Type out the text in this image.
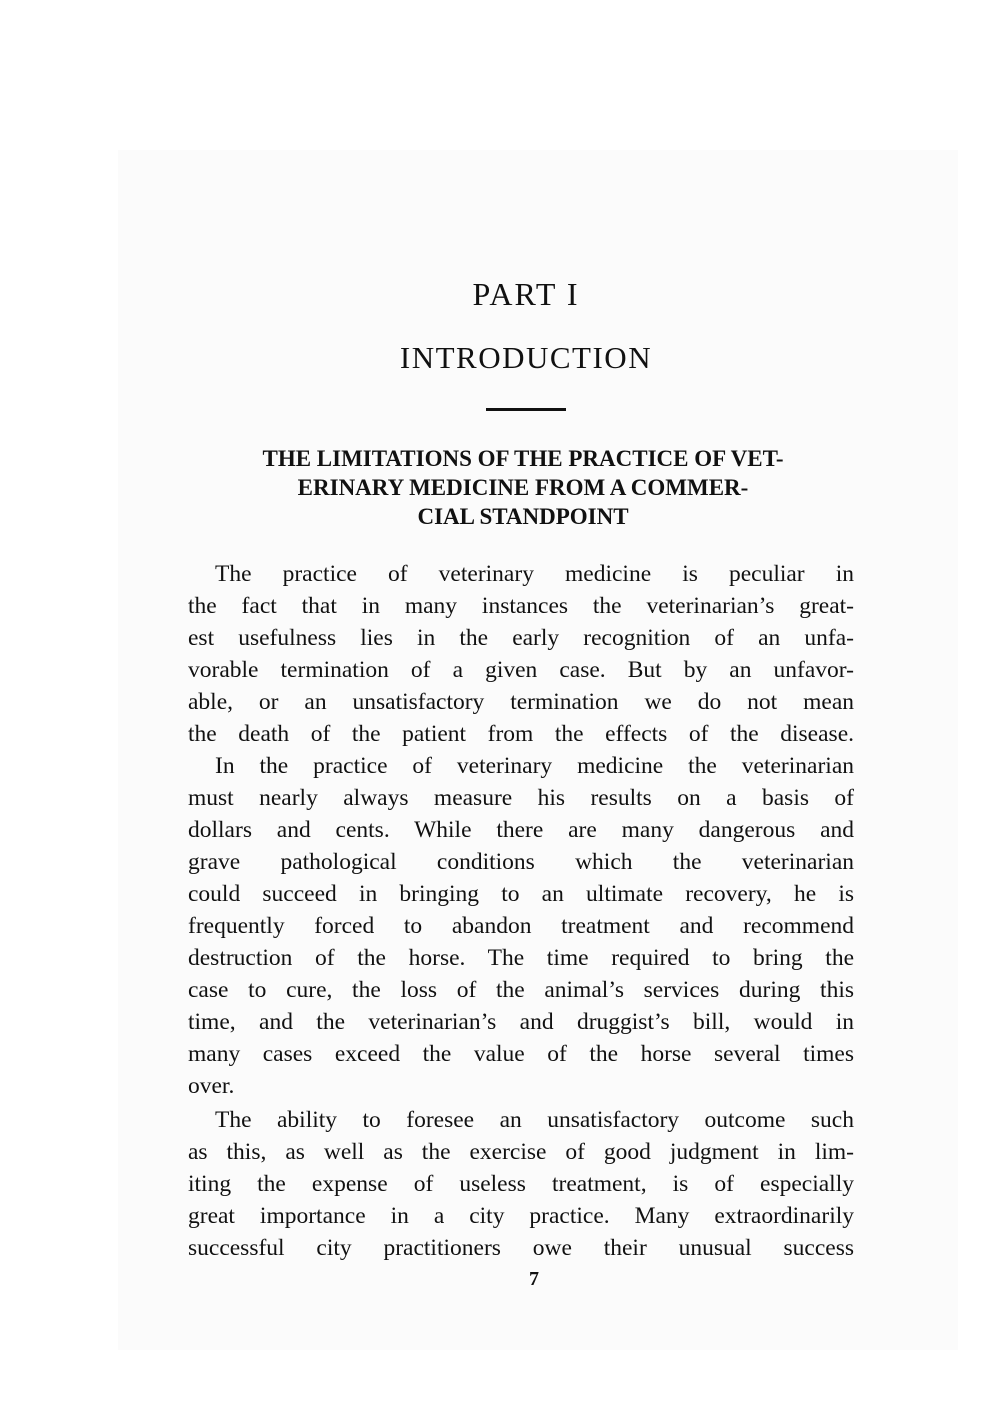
PART I
INTRODUCTION
THE LIMITATIONS OF THE PRACTICE OF VET-
ERINARY MEDICINE FROM A COMMER-
CIAL STANDPOINT
The practice of veterinary medicine is peculiar in
the fact that in many instances the veterinarian’s great-
est usefulness lies in the early recognition of an unfa-
vorable termination of a given case. But by an unfavor-
able, or an unsatisfactory termination we do not mean
the death of the patient from the effects of the disease.
In the practice of veterinary medicine the veterinarian
must nearly always measure his results on a basis of
dollars and cents. While there are many dangerous and
grave pathological conditions which the veterinarian
could succeed in bringing to an ultimate recovery, he is
frequently forced to abandon treatment and recommend
destruction of the horse. The time required to bring the
case to cure, the loss of the animal’s services during this
time, and the veterinarian’s and druggist’s bill, would in
many cases exceed the value of the horse several times
over.
The ability to foresee an unsatisfactory outcome such
as this, as well as the exercise of good judgment in lim-
iting the expense of useless treatment, is of especially
great importance in a city practice. Many extraordinarily
successful city practitioners owe their unusual success
7
